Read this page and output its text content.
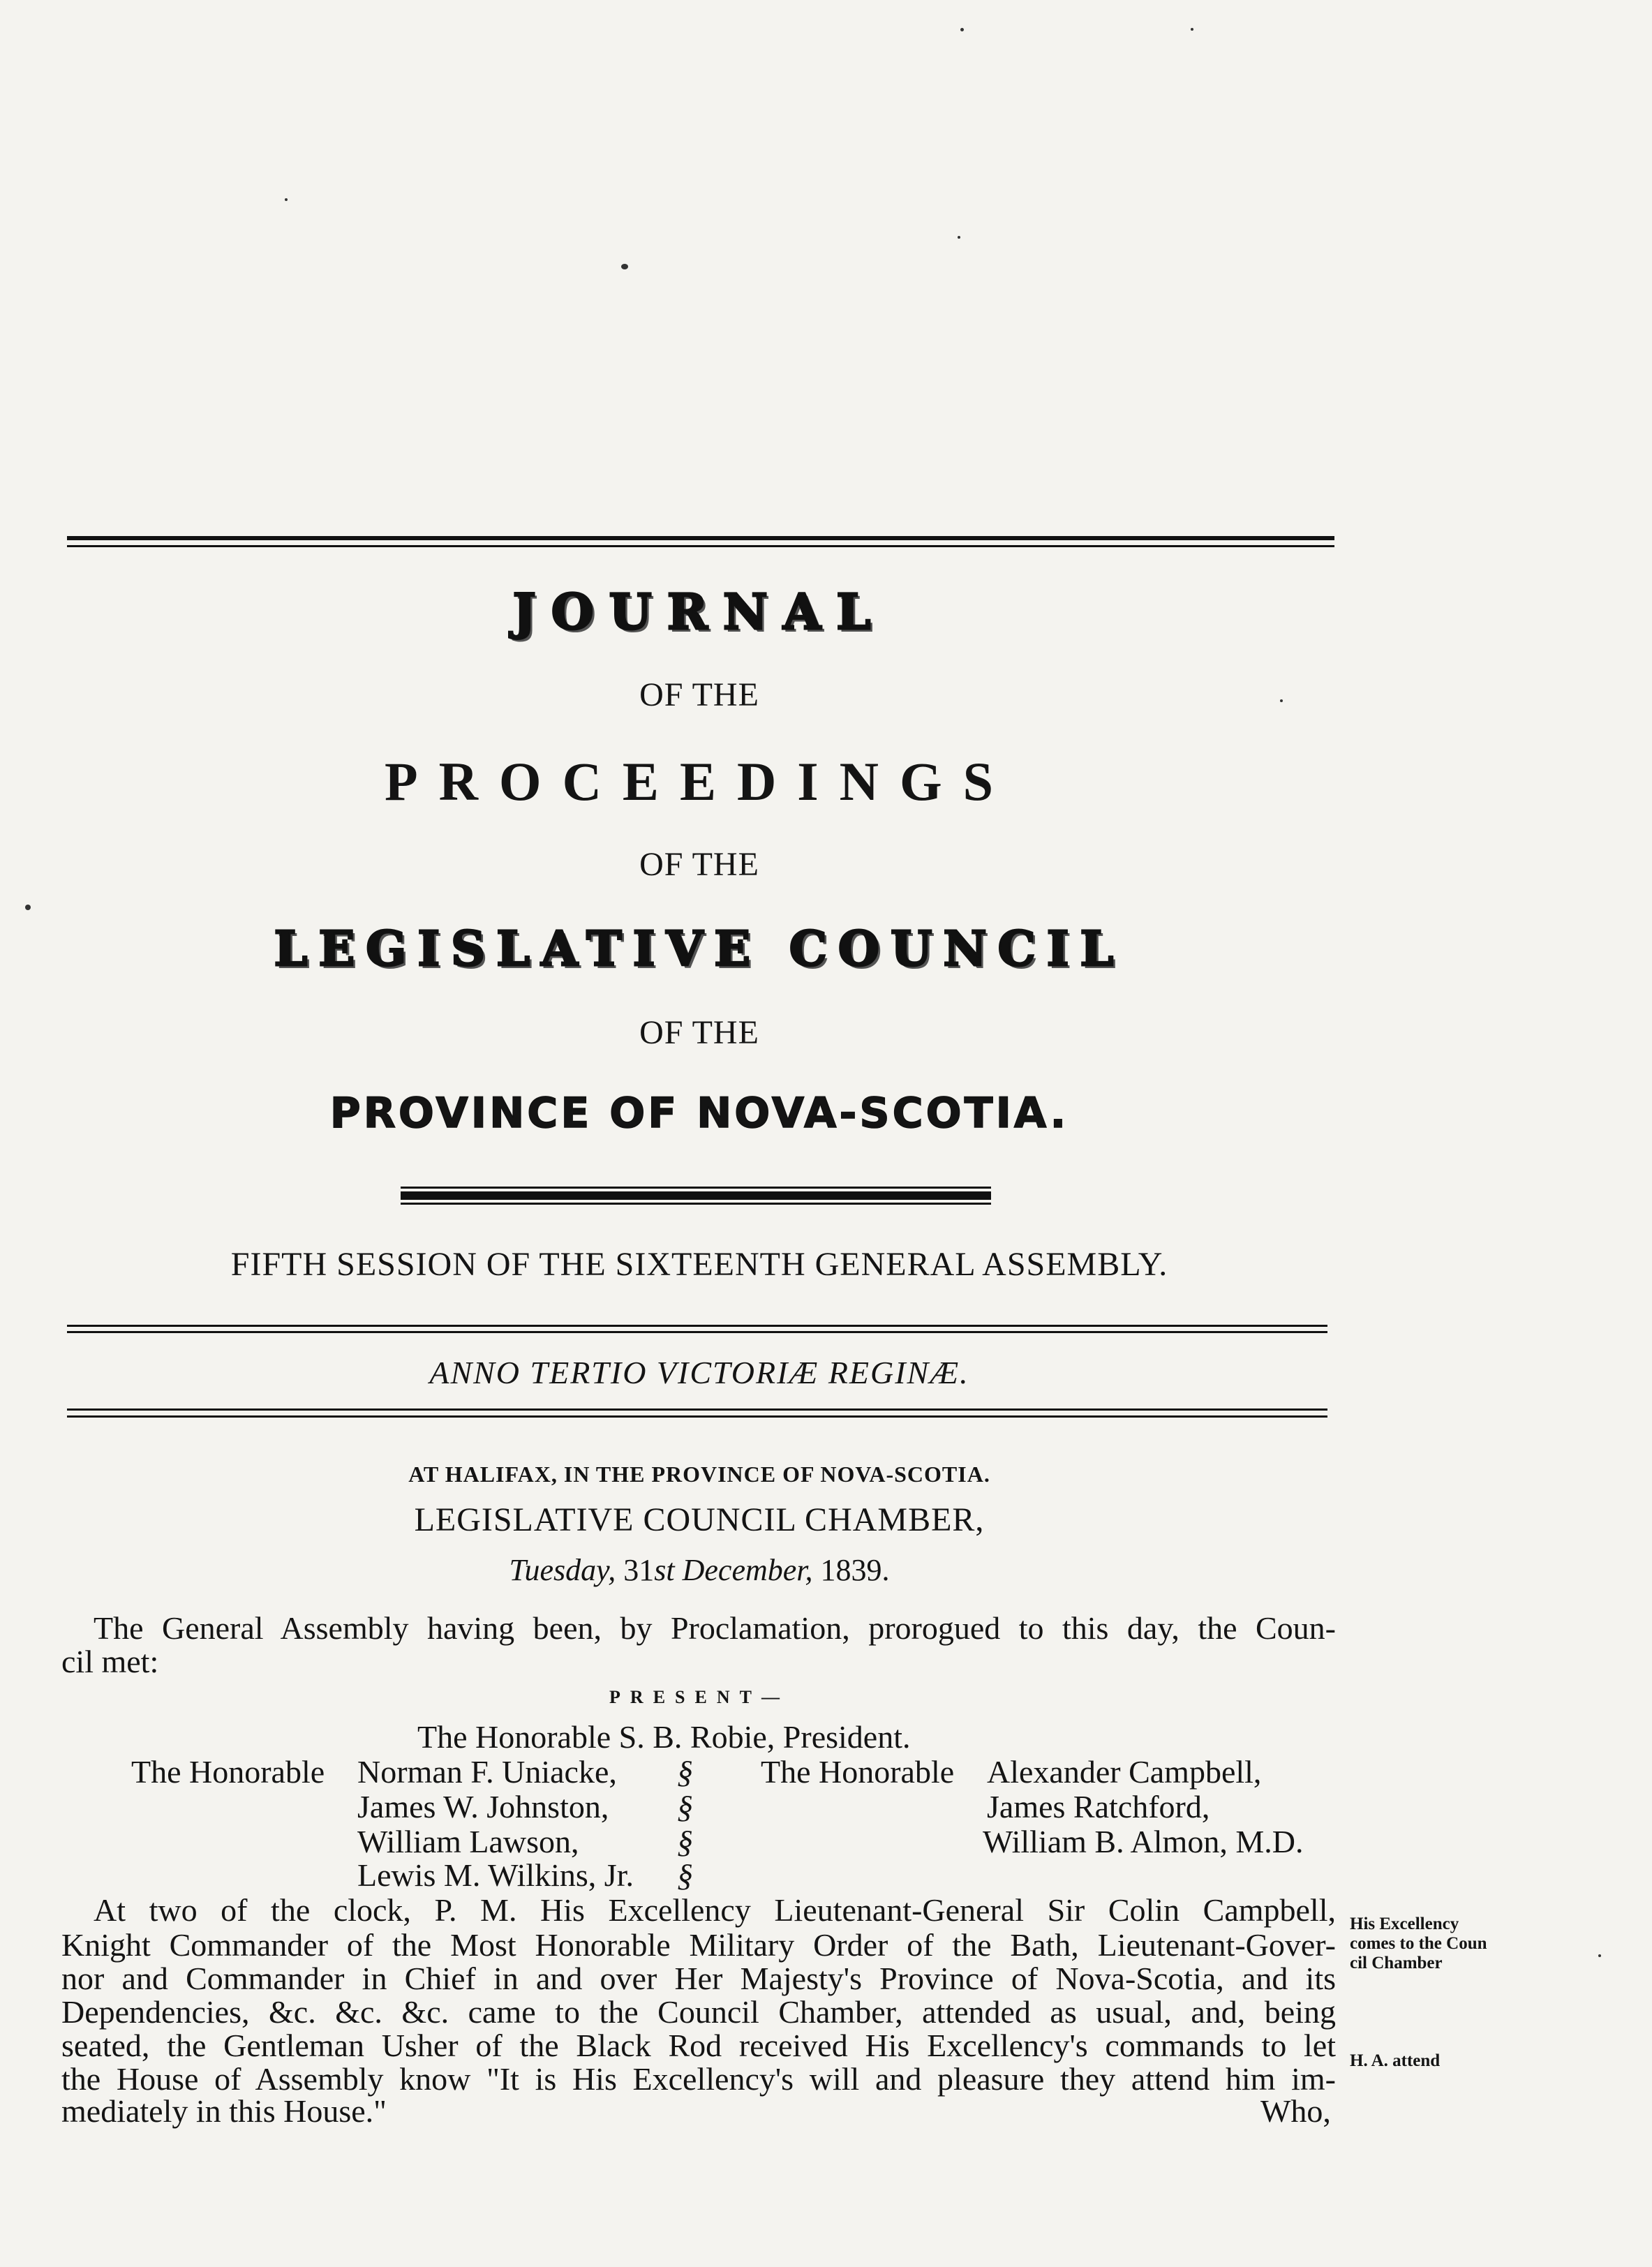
JOURNAL
OF THE
PROCEEDINGS
OF THE
LEGISLATIVE COUNCIL
OF THE
PROVINCE OF NOVA-SCOTIA.
FIFTH SESSION OF THE SIXTEENTH GENERAL ASSEMBLY.
ANNO TERTIO VICTORIÆ REGINÆ.
AT HALIFAX, IN THE PROVINCE OF NOVA-SCOTIA.
LEGISLATIVE COUNCIL CHAMBER,
Tuesday, 31st December, 1839.
The General Assembly having been, by Proclamation, prorogued to this day, the Coun-
cil met:
PRESENT—
The Honorable S. B. Robie, President.
The Honorable Norman F. Uniacke,
James W. Johnston,
William Lawson,
Lewis M. Wilkins, Jr.
§
§
§
§
The Honorable Alexander Campbell,
James Ratchford,
William B. Almon, M.D.
At two of the clock, P. M. His Excellency Lieutenant-General Sir Colin Campbell,
Knight Commander of the Most Honorable Military Order of the Bath, Lieutenant-Gover-
nor and Commander in Chief in and over Her Majesty's Province of Nova-Scotia, and its
Dependencies, &c. &c. &c. came to the Council Chamber, attended as usual, and, being
seated, the Gentleman Usher of the Black Rod received His Excellency's commands to let
the House of Assembly know "It is His Excellency's will and pleasure they attend him im-
mediately in this House."	Who,
His Excellency
comes to the Coun
cil Chamber
H. A. attend
